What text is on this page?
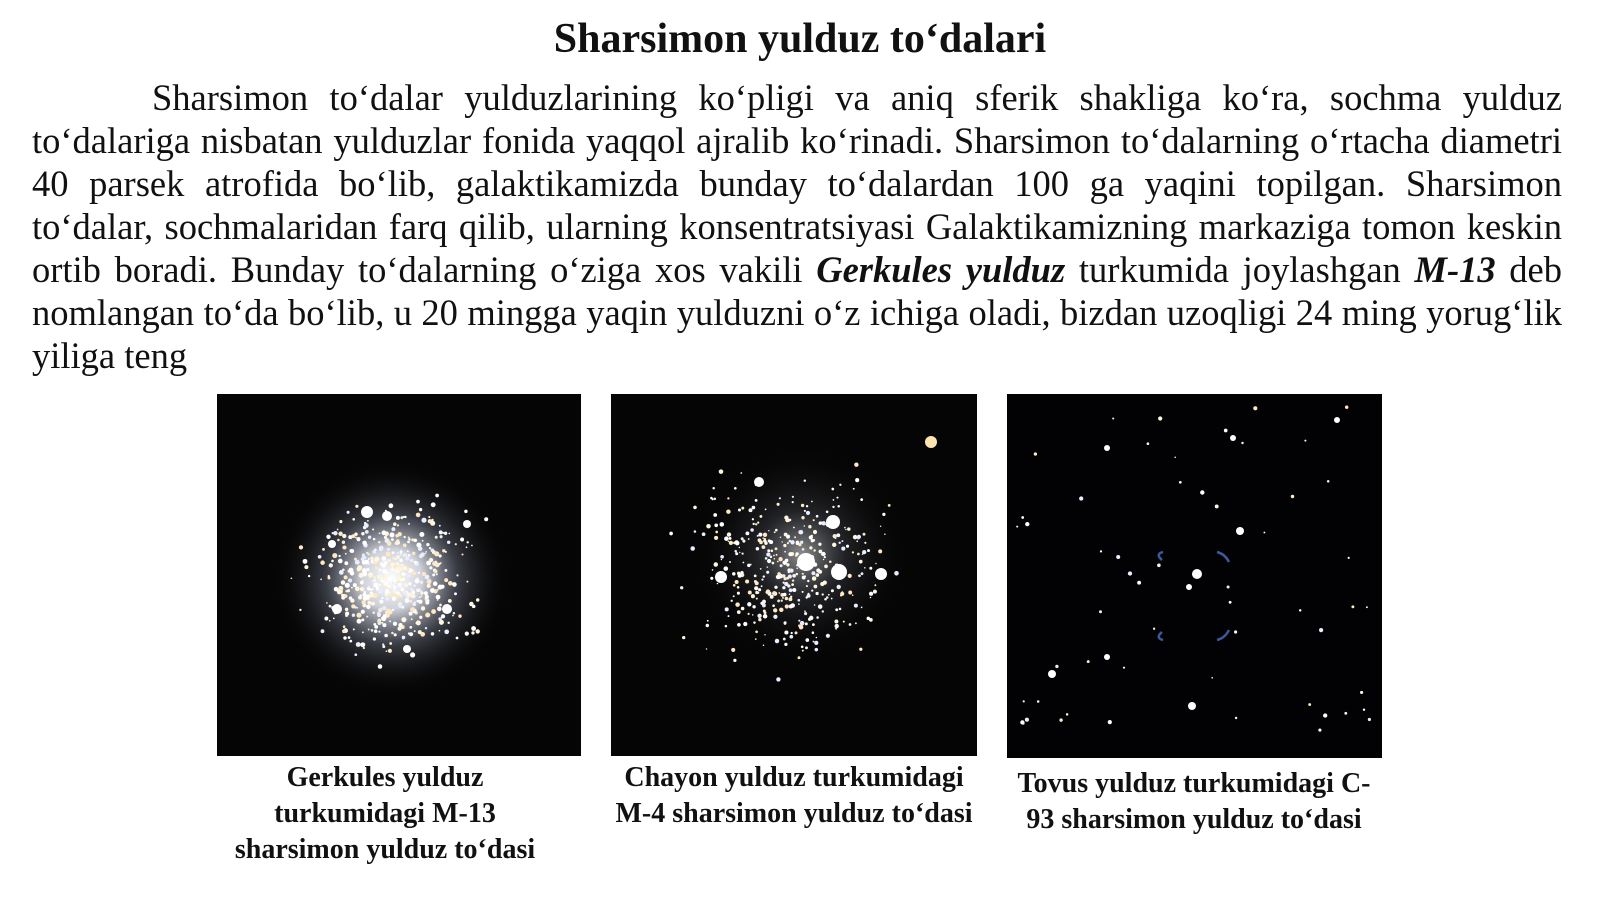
Sharsimon yulduz to‘dalari

Sharsimon to‘dalar yulduzlarining ko‘pligi va aniq sferik shakliga ko‘ra, sochma yulduz to‘dalariga nisbatan yulduzlar fonida yaqqol ajralib ko‘rinadi. Sharsimon to‘dalarning o‘rtacha diametri 40 parsek atrofida bo‘lib, galaktikamizda bunday to‘dalardan 100 ga yaqini topilgan. Sharsimon to‘dalar, sochmalaridan farq qilib, ularning konsentratsiyasi Galaktikamizning markaziga tomon keskin ortib boradi. Bunday to‘dalarning o‘ziga xos vakili Gerkules yulduz turkumida joylashgan M-13 deb nomlangan to‘da bo‘lib, u 20 mingga yaqin yulduzni o‘z ichiga oladi, bizdan uzoqligi 24 ming yorug‘lik yiliga teng

Gerkules yulduz turkumidagi M-13 sharsimon yulduz to‘dasi
Chayon yulduz turkumidagi M-4 sharsimon yulduz to‘dasi
Tovus yulduz turkumidagi C-93 sharsimon yulduz to‘dasi
